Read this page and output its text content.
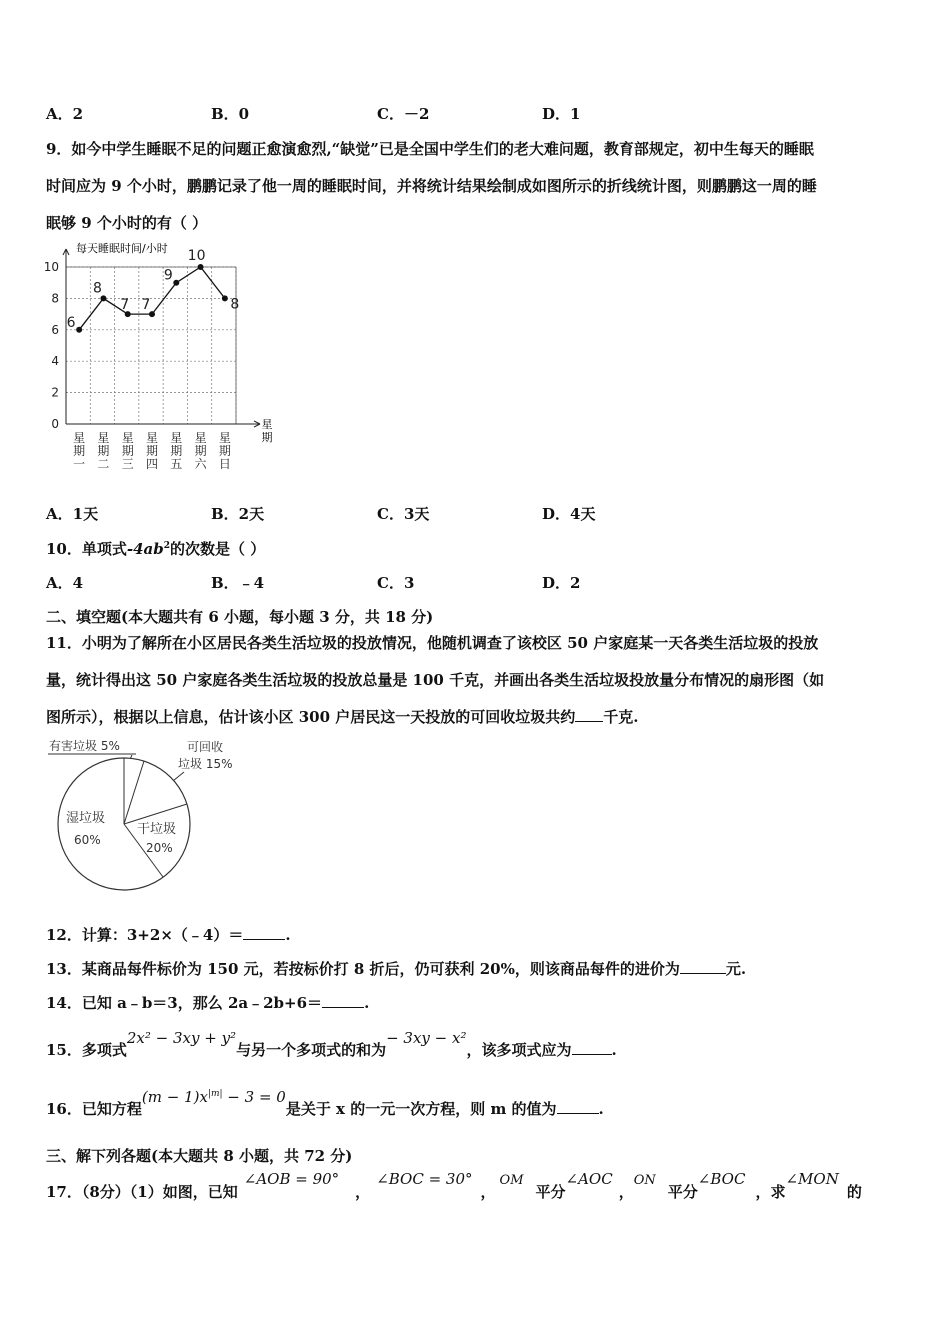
A．2	B．0	C．－2	D．1
9．如今中学生睡眠不足的问题正愈演愈烈,“缺觉”已是全国中学生们的老大难问题，教育部规定，初中生每天的睡眠
时间应为 9 个小时，鹏鹏记录了他一周的睡眠时间，并将统计结果绘制成如图所示的折线统计图，则鹏鹏这一周的睡
眠够 9 个小时的有（ ）
每天睡眠时间/小时
星期
0
2
4
6
8
10
星期一
星期二
星期三
星期四
星期五
星期六
星期日
6
8
7 7
9
10
8
A．1天	B．2天	C．3天	D．4天
10．单项式$-4ab^2$的次数是（ ）
A．4	B．﹣4	C．3	D．2
二、填空题(本大题共有 6 小题，每小题 3 分，共 18 分)
11．小明为了解所在小区居民各类生活垃圾的投放情况，他随机调查了该校区 50 户家庭某一天各类生活垃圾的投放
量，统计得出这 50 户家庭各类生活垃圾的投放总量是 100 千克，并画出各类生活垃圾投放量分布情况的扇形图（如
图所示），根据以上信息，估计该小区 300 户居民这一天投放的可回收垃圾共约 千克.
有害垃圾 5%	可回收
垃圾 15%
湿垃圾
60%
干垃圾
20%
12．计算：3+2×（﹣4）＝	.
13．某商品每件标价为 150 元，若按标价打 8 折后，仍可获利 20%，则该商品每件的进价为	元.
14．已知 a﹣b＝3，那么 2a﹣2b+6＝	.
15．多项式2x² − 3xy + y²与另一个多项式的和为− 3xy − x²，该多项式应为	.
16．已知方程$(m - 1)x^{|m|} - 3 = 0$是关于 x 的一元一次方程，则 m 的值为	.
三、解下列各题(本大题共 8 小题，共 72 分)
17．（8分）（1）如图，已知∠AOB = 90°，∠BOC = 30°，OM平分∠AOC，ON平分∠BOC，求∠MON的
